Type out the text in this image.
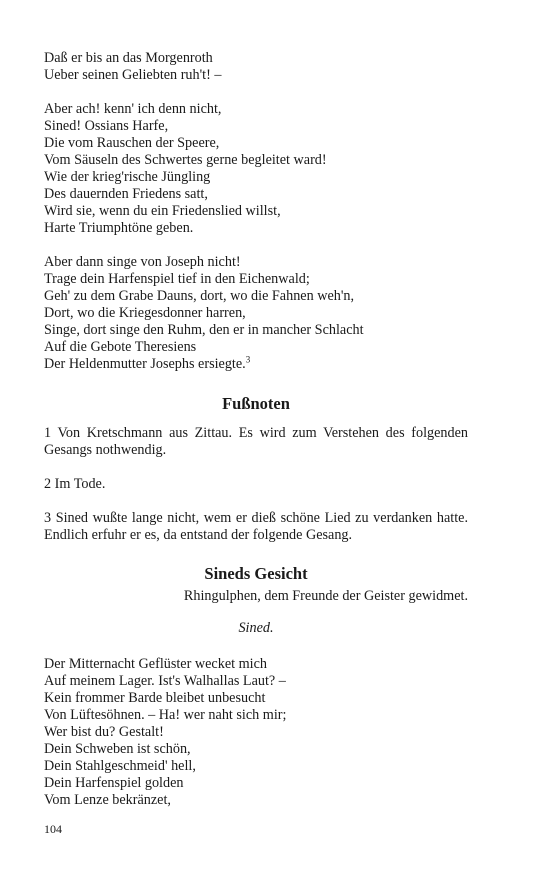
Daß er bis an das Morgenroth
Ueber seinen Geliebten ruh't! –
Aber ach! kenn' ich denn nicht,
Sined! Ossians Harfe,
Die vom Rauschen der Speere,
Vom Säuseln des Schwertes gerne begleitet ward!
Wie der krieg'rische Jüngling
Des dauernden Friedens satt,
Wird sie, wenn du ein Friedenslied willst,
Harte Triumphtöne geben.
Aber dann singe von Joseph nicht!
Trage dein Harfenspiel tief in den Eichenwald;
Geh' zu dem Grabe Dauns, dort, wo die Fahnen weh'n,
Dort, wo die Kriegesdonner harren,
Singe, dort singe den Ruhm, den er in mancher Schlacht
Auf die Gebote Theresiens
Der Heldenmutter Josephs ersiegte.$^3$
Fußnoten
1 Von Kretschmann aus Zittau. Es wird zum Verstehen des folgenden Gesangs nothwendig.
2 Im Tode.
3 Sined wußte lange nicht, wem er dieß schöne Lied zu verdanken hatte. Endlich erfuhr er es, da entstand der folgende Gesang.
Sineds Gesicht
Rhingulphen, dem Freunde der Geister gewidmet.
Sined.
Der Mitternacht Geflüster wecket mich
Auf meinem Lager. Ist's Walhallas Laut? –
Kein frommer Barde bleibet unbesucht
Von Lüftesöhnen. – Ha! wer naht sich mir;
Wer bist du? Gestalt!
Dein Schweben ist schön,
Dein Stahlgeschmeid' hell,
Dein Harfenspiel golden
Vom Lenze bekränzet,
104
